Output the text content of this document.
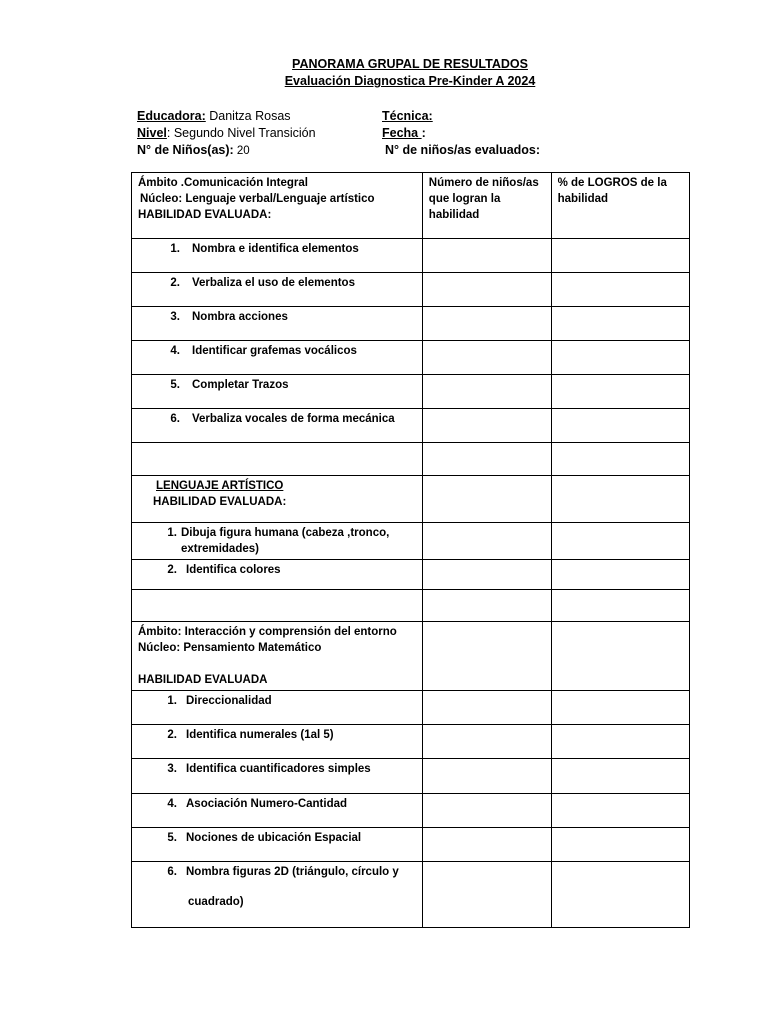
PANORAMA GRUPAL DE RESULTADOS
Evaluación Diagnostica Pre-Kinder A 2024
Educadora: Danitza Rosas
Nivel: Segundo Nivel Transición
N° de Niños(as): 20
Técnica:
Fecha :
N° de niños/as evaluados:
Ámbito .Comunicación Integral
Núcleo: Lenguaje verbal/Lenguaje artístico
HABILIDAD EVALUADA:	Número de niños/as que logran la habilidad	% de LOGROS de la habilidad

1. Nombra e identifica elementos		

2. Verbaliza el uso de elementos		

3. Nombra acciones		

4. Identificar grafemas vocálicos		

5. Completar Trazos		

6. Verbaliza vocales de forma mecánica		

LENGUAJE ARTÍSTICO
HABILIDAD EVALUADA:		

1. Dibuja figura humana (cabeza ,tronco, extremidades)		

2. Identifica colores		

Ámbito: Interacción y comprensión del entorno
Núcleo: Pensamiento Matemático
HABILIDAD EVALUADA		

1. Direccionalidad		

2. Identifica numerales (1al 5)		

3. Identifica cuantificadores simples		

4. Asociación Numero-Cantidad		

5. Nociones de ubicación Espacial		

6. Nombra figuras 2D (triángulo, círculo y
cuadrado)		
